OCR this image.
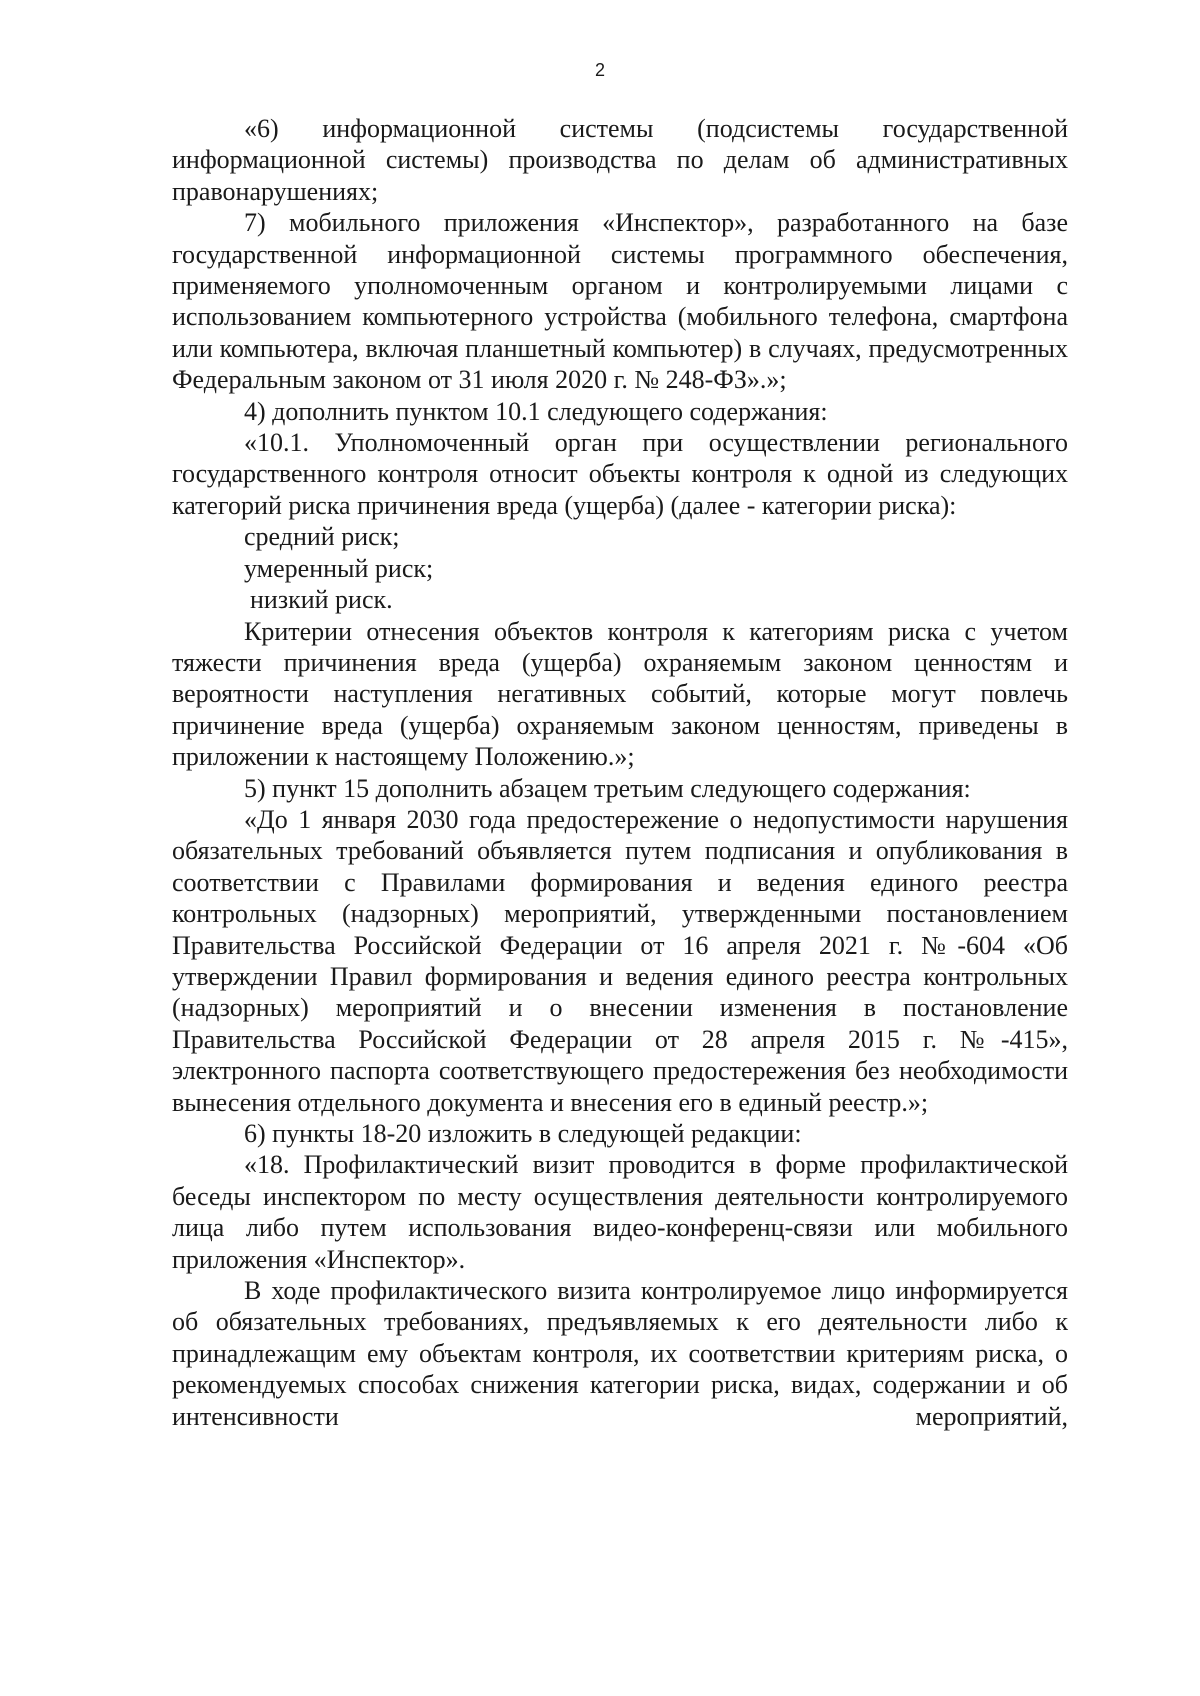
2

«6) информационной системы (подсистемы государственной информационной системы) производства по делам об административных правонарушениях;

7) мобильного приложения «Инспектор», разработанного на базе государственной информационной системы программного обеспечения, применяемого уполномоченным органом и контролируемыми лицами с использованием компьютерного устройства (мобильного телефона, смартфона или компьютера, включая планшетный компьютер) в случаях, предусмотренных Федеральным законом от 31 июля 2020 г. № 248-ФЗ».»;

4) дополнить пунктом 10.1 следующего содержания:

«10.1. Уполномоченный орган при осуществлении регионального государственного контроля относит объекты контроля к одной из следующих категорий риска причинения вреда (ущерба) (далее - категории риска):

средний риск;

умеренный риск;

низкий риск.

Критерии отнесения объектов контроля к категориям риска с учетом тяжести причинения вреда (ущерба) охраняемым законом ценностям и вероятности наступления негативных событий, которые могут повлечь причинение вреда (ущерба) охраняемым законом ценностям, приведены в приложении к настоящему Положению.»;

5) пункт 15 дополнить абзацем третьим следующего содержания:

«До 1 января 2030 года предостережение о недопустимости нарушения обязательных требований объявляется путем подписания и опубликования в соответствии с Правилами формирования и ведения единого реестра контрольных (надзорных) мероприятий, утвержденными постановлением Правительства Российской Федерации от 16 апреля 2021 г. №-604 «Об утверждении Правил формирования и ведения единого реестра контрольных (надзорных) мероприятий и о внесении изменения в постановление Правительства Российской Федерации от 28 апреля 2015 г. №-415», электронного паспорта соответствующего предостережения без необходимости вынесения отдельного документа и внесения его в единый реестр.»;

6) пункты 18-20 изложить в следующей редакции:

«18. Профилактический визит проводится в форме профилактической беседы инспектором по месту осуществления деятельности контролируемого лица либо путем использования видео-конференц-связи или мобильного приложения «Инспектор».

В ходе профилактического визита контролируемое лицо информируется об обязательных требованиях, предъявляемых к его деятельности либо к принадлежащим ему объектам контроля, их соответствии критериям риска, о рекомендуемых способах снижения категории риска, видах, содержании и об интенсивности мероприятий,
